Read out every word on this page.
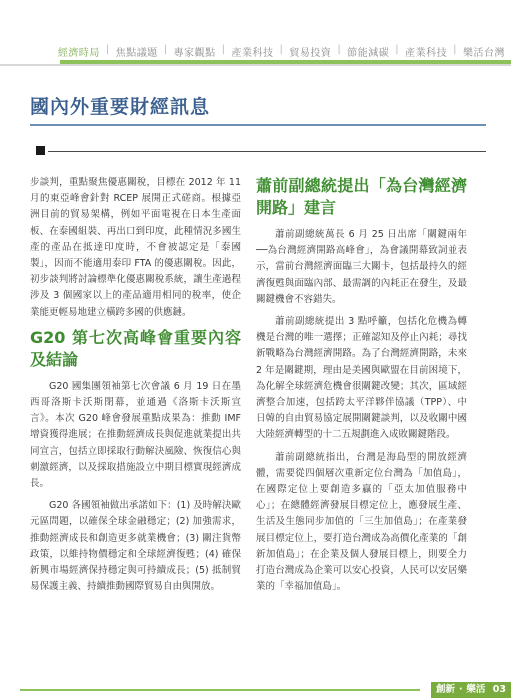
經濟時局 | 焦點議題 | 專家觀點 | 產業科技 | 貿易投資 | 節能減碳 | 產業科技 | 樂活台灣
國內外重要財經訊息

步談判，重點聚焦優惠關稅，目標在 2012 年 11 月的東亞峰會針對 RCEP 展開正式磋商。根據亞洲目前的貿易架構，例如平面電視在日本生產面板、在泰國組裝、再出口到印度，此種情況多國生產的產品在抵達印度時，不會被認定是「泰國製」，因而不能適用泰印 FTA 的優惠關稅。因此，初步談判將討論標準化優惠關稅系統，讓生產過程涉及 3 個國家以上的產品適用相同的稅率，使企業能更輕易地建立橫跨多國的供應鏈。

G20 第七次高峰會重要內容及結論

G20 國集團領袖第七次會議 6 月 19 日在墨西哥洛斯卡沃斯閉幕，並通過《洛斯卡沃斯宣言》。本次 G20 峰會發展重點成果為：推動 IMF 增資獲得進展；在推動經濟成長與促進就業提出共同宣言，包括立即採取行動解決風險、恢復信心與刺激經濟，以及採取措施設立中期目標實現經濟成長。

G20 各國領袖做出承諾如下：(1) 及時解決歐元區問題，以確保全球金融穩定；(2) 加強需求，推動經濟成長和創造更多就業機會；(3) 關注貨幣政策，以維持物價穩定和全球經濟復甦；(4) 確保新興市場經濟保持穩定與可持續成長；(5) 抵制貿易保護主義、持續推動國際貿易自由與開放。

蕭前副總統提出「為台灣經濟開路」建言

蕭前副總統萬長 6 月 25 日出席「關鍵兩年──為台灣經濟開路高峰會」，為會議開幕致詞並表示，當前台灣經濟面臨三大關卡，包括最持久的經濟復甦與面臨內部、最需調的內耗正在發生，及最關鍵機會不容錯失。

蕭前副總統提出 3 點呼籲，包括化危機為轉機是台灣的唯一選擇；正確認知及停止內耗；尋找新戰略為台灣經濟開路。為了台灣經濟開路，未來 2 年是關鍵期，理由是美國與歐盟在目前困境下，為化解全球經濟危機會很關鍵改變；其次，區域經濟整合加速，包括跨太平洋夥伴協議（TPP）、中日韓的自由貿易協定展開關鍵談判，以及收關中國大陸經濟轉型的十二五規劃進入成敗關鍵階段。

蕭前副總統指出，台灣是海島型的開放經濟體，需要從四個層次重新定位台灣為「加值島」，在國際定位上要創造多贏的「亞太加值服務中心」；在總體經濟發展目標定位上，應發展生產、生活及生態同步加值的「三生加值島」；在產業發展目標定位上，要打造台灣成為高價化產業的「創新加值島」；在企業及個人發展目標上，則要全力打造台灣成為企業可以安心投資，人民可以安居樂業的「幸福加值島」。

創新 ‧ 樂活 03
